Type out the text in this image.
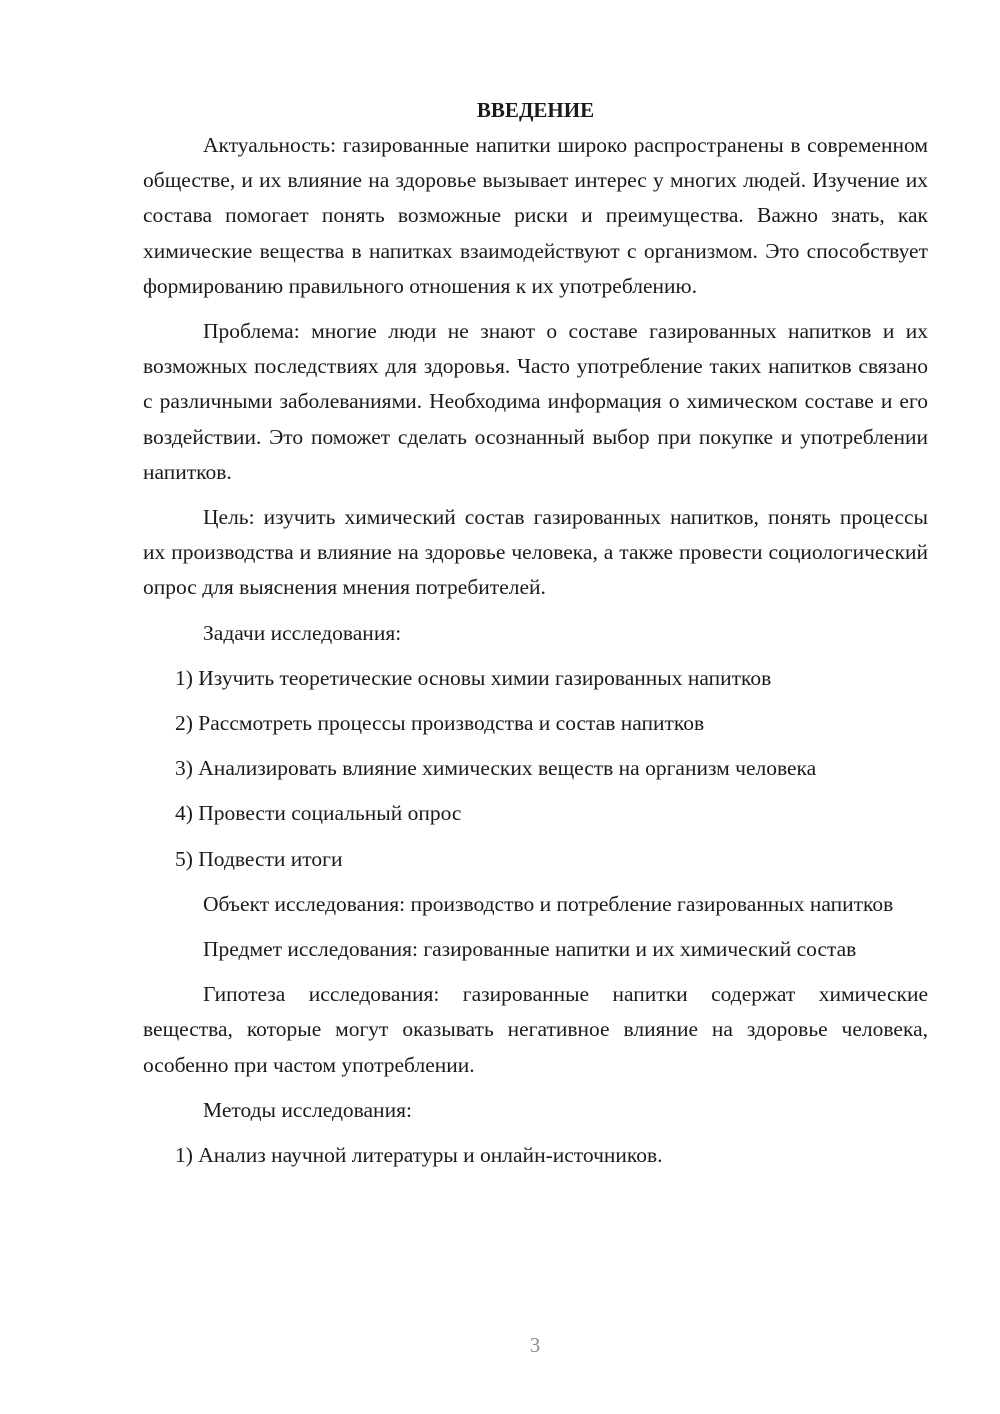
ВВЕДЕНИЕ

Актуальность: газированные напитки широко распространены в современном обществе, и их влияние на здоровье вызывает интерес у многих людей. Изучение их состава помогает понять возможные риски и преимущества. Важно знать, как химические вещества в напитках взаимодействуют с организмом. Это способствует формированию правильного отношения к их употреблению.

Проблема: многие люди не знают о составе газированных напитков и их возможных последствиях для здоровья. Часто употребление таких напитков связано с различными заболеваниями. Необходима информация о химическом составе и его воздействии. Это поможет сделать осознанный выбор при покупке и употреблении напитков.

Цель: изучить химический состав газированных напитков, понять процессы их производства и влияние на здоровье человека, а также провести социологический опрос для выяснения мнения потребителей.

Задачи исследования:

1) Изучить теоретические основы химии газированных напитков

2) Рассмотреть процессы производства и состав напитков

3) Анализировать влияние химических веществ на организм человека

4) Провести социальный опрос

5) Подвести итоги

Объект исследования: производство и потребление газированных напитков

Предмет исследования: газированные напитки и их химический состав

Гипотеза исследования: газированные напитки содержат химические вещества, которые могут оказывать негативное влияние на здоровье человека, особенно при частом употреблении.

Методы исследования:

1) Анализ научной литературы и онлайн-источников.

3
